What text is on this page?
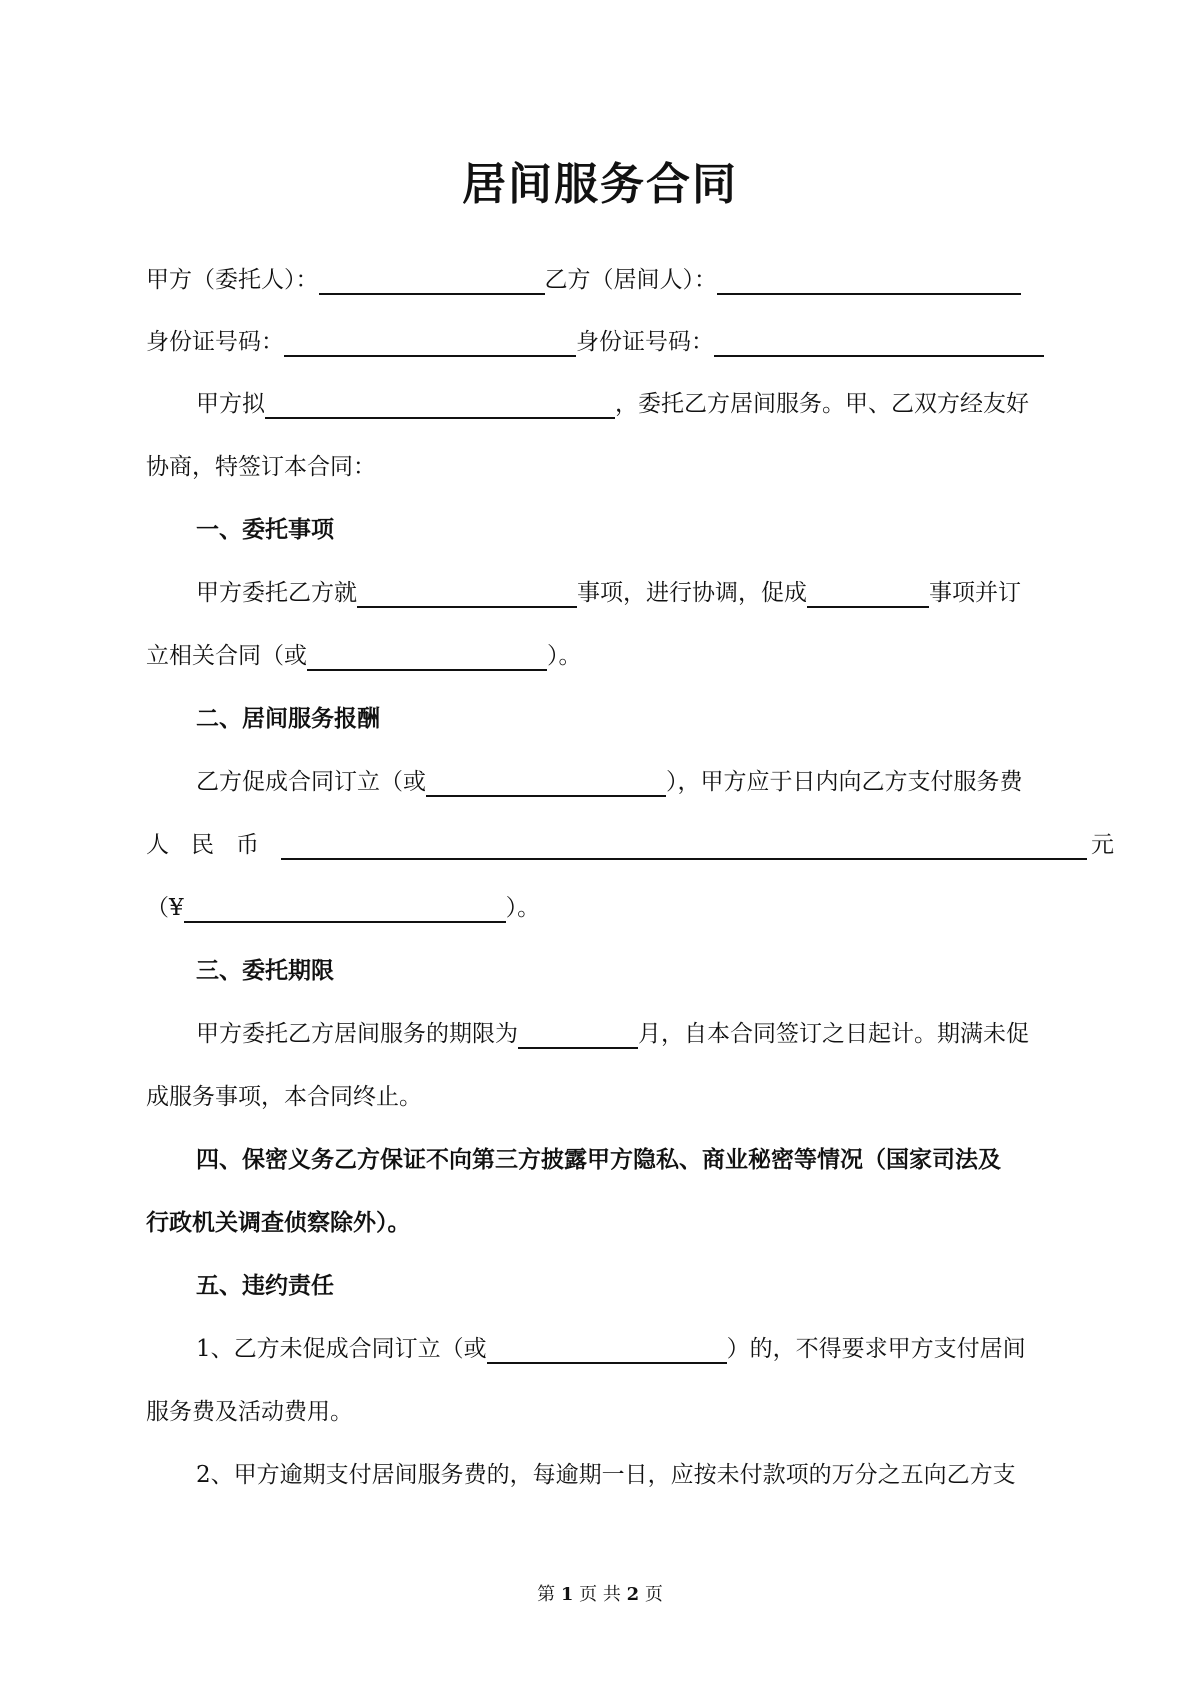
居间服务合同
甲方（委托人）：	乙方（居间人）：
身份证号码：	身份证号码：
甲方拟	，委托乙方居间服务。甲、乙双方经友好
协商，特签订本合同：
一、委托事项
甲方委托乙方就	事项，进行协调，促成	事项并订
立相关合同（或	）。
二、居间服务报酬
乙方促成合同订立（或	），甲方应于日内向乙方支付服务费
人 民 币	元
（¥	）。
三、委托期限
甲方委托乙方居间服务的期限为	月，自本合同签订之日起计。期满未促
成服务事项，本合同终止。
四、保密义务乙方保证不向第三方披露甲方隐私、商业秘密等情况（国家司法及
行政机关调查侦察除外）。
五、违约责任
1、乙方未促成合同订立（或	）的，不得要求甲方支付居间
服务费及活动费用。
2、甲方逾期支付居间服务费的，每逾期一日，应按未付款项的万分之五向乙方支
第 1 页 共 2 页
